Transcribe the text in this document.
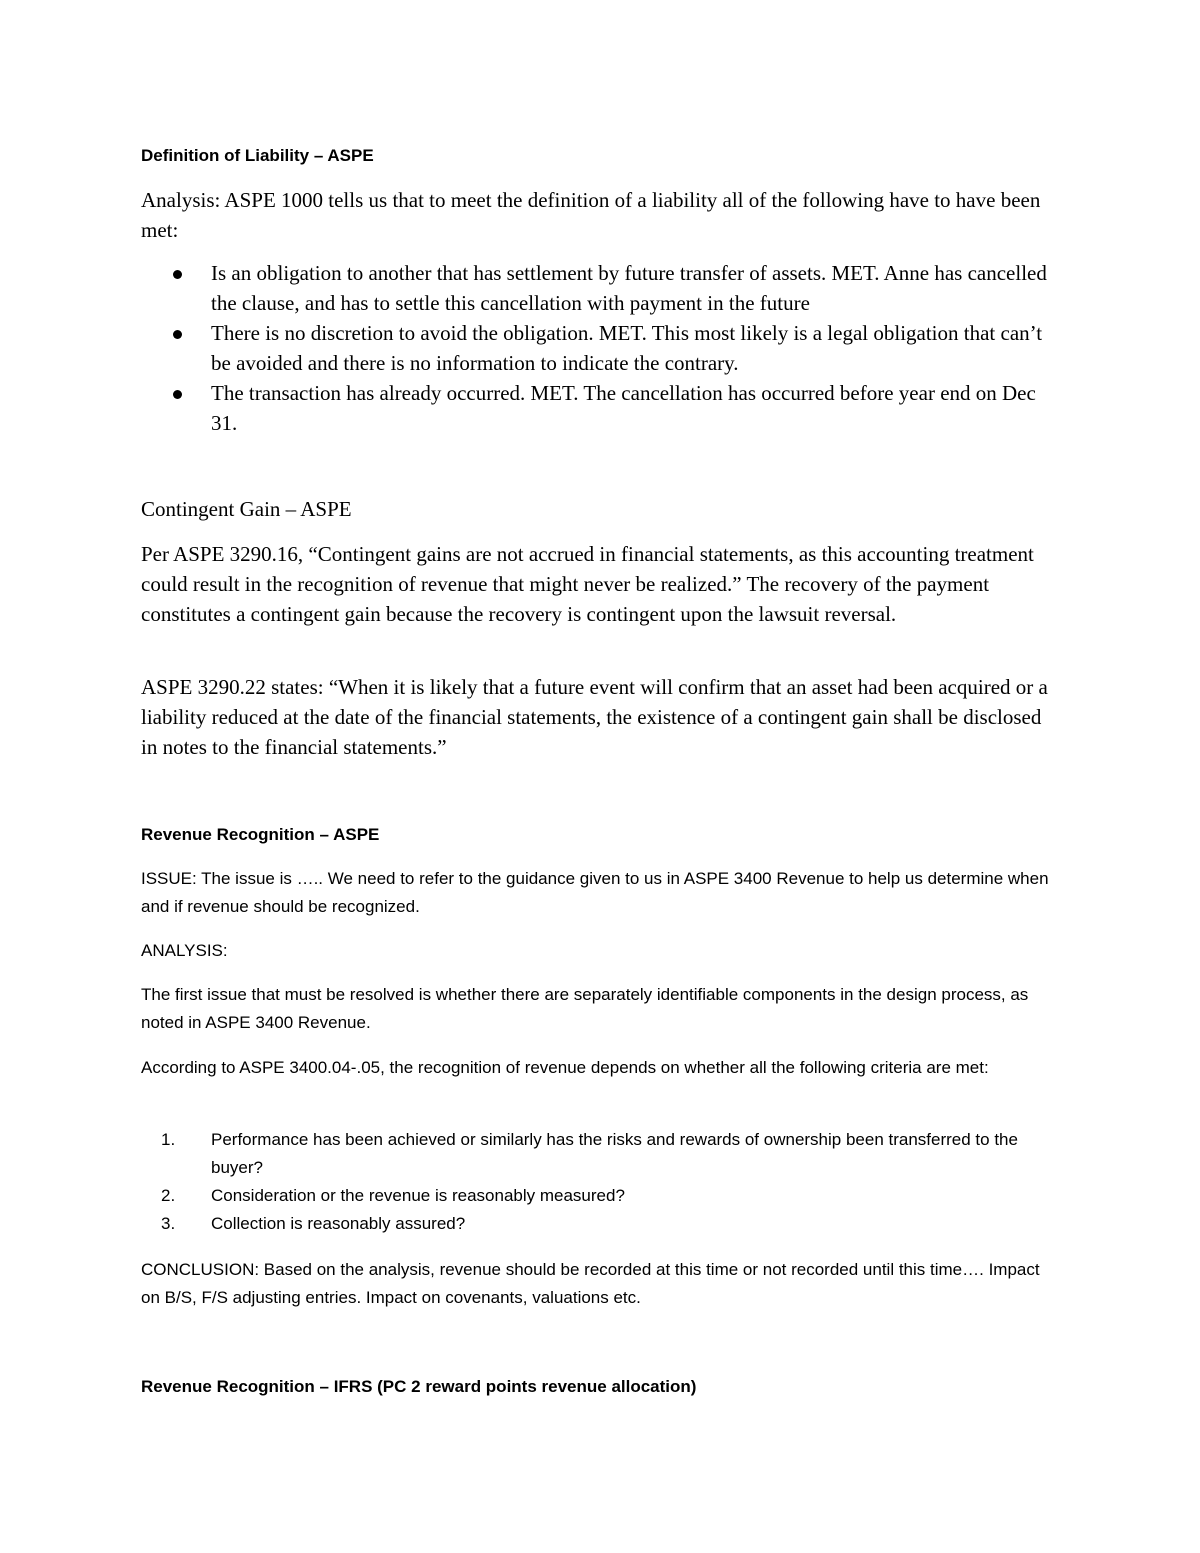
Definition of Liability – ASPE

Analysis: ASPE 1000 tells us that to meet the definition of a liability all of the following have to have been met:

Is an obligation to another that has settlement by future transfer of assets. MET. Anne has cancelled the clause, and has to settle this cancellation with payment in the future
There is no discretion to avoid the obligation. MET. This most likely is a legal obligation that can’t be avoided and there is no information to indicate the contrary.
The transaction has already occurred. MET. The cancellation has occurred before year end on Dec 31.

Contingent Gain – ASPE

Per ASPE 3290.16, “Contingent gains are not accrued in financial statements, as this accounting treatment could result in the recognition of revenue that might never be realized.” The recovery of the payment constitutes a contingent gain because the recovery is contingent upon the lawsuit reversal.

ASPE 3290.22 states: “When it is likely that a future event will confirm that an asset had been acquired or a liability reduced at the date of the financial statements, the existence of a contingent gain shall be disclosed in notes to the financial statements.”

Revenue Recognition – ASPE

ISSUE: The issue is ….. We need to refer to the guidance given to us in ASPE 3400 Revenue to help us determine when and if revenue should be recognized.

ANALYSIS:

The first issue that must be resolved is whether there are separately identifiable components in the design process, as noted in ASPE 3400 Revenue.

According to ASPE 3400.04-.05, the recognition of revenue depends on whether all the following criteria are met:

1. Performance has been achieved or similarly has the risks and rewards of ownership been transferred to the buyer?
2. Consideration or the revenue is reasonably measured?
3. Collection is reasonably assured?

CONCLUSION: Based on the analysis, revenue should be recorded at this time or not recorded until this time…. Impact on B/S, F/S adjusting entries. Impact on covenants, valuations etc.

Revenue Recognition – IFRS (PC 2 reward points revenue allocation)
